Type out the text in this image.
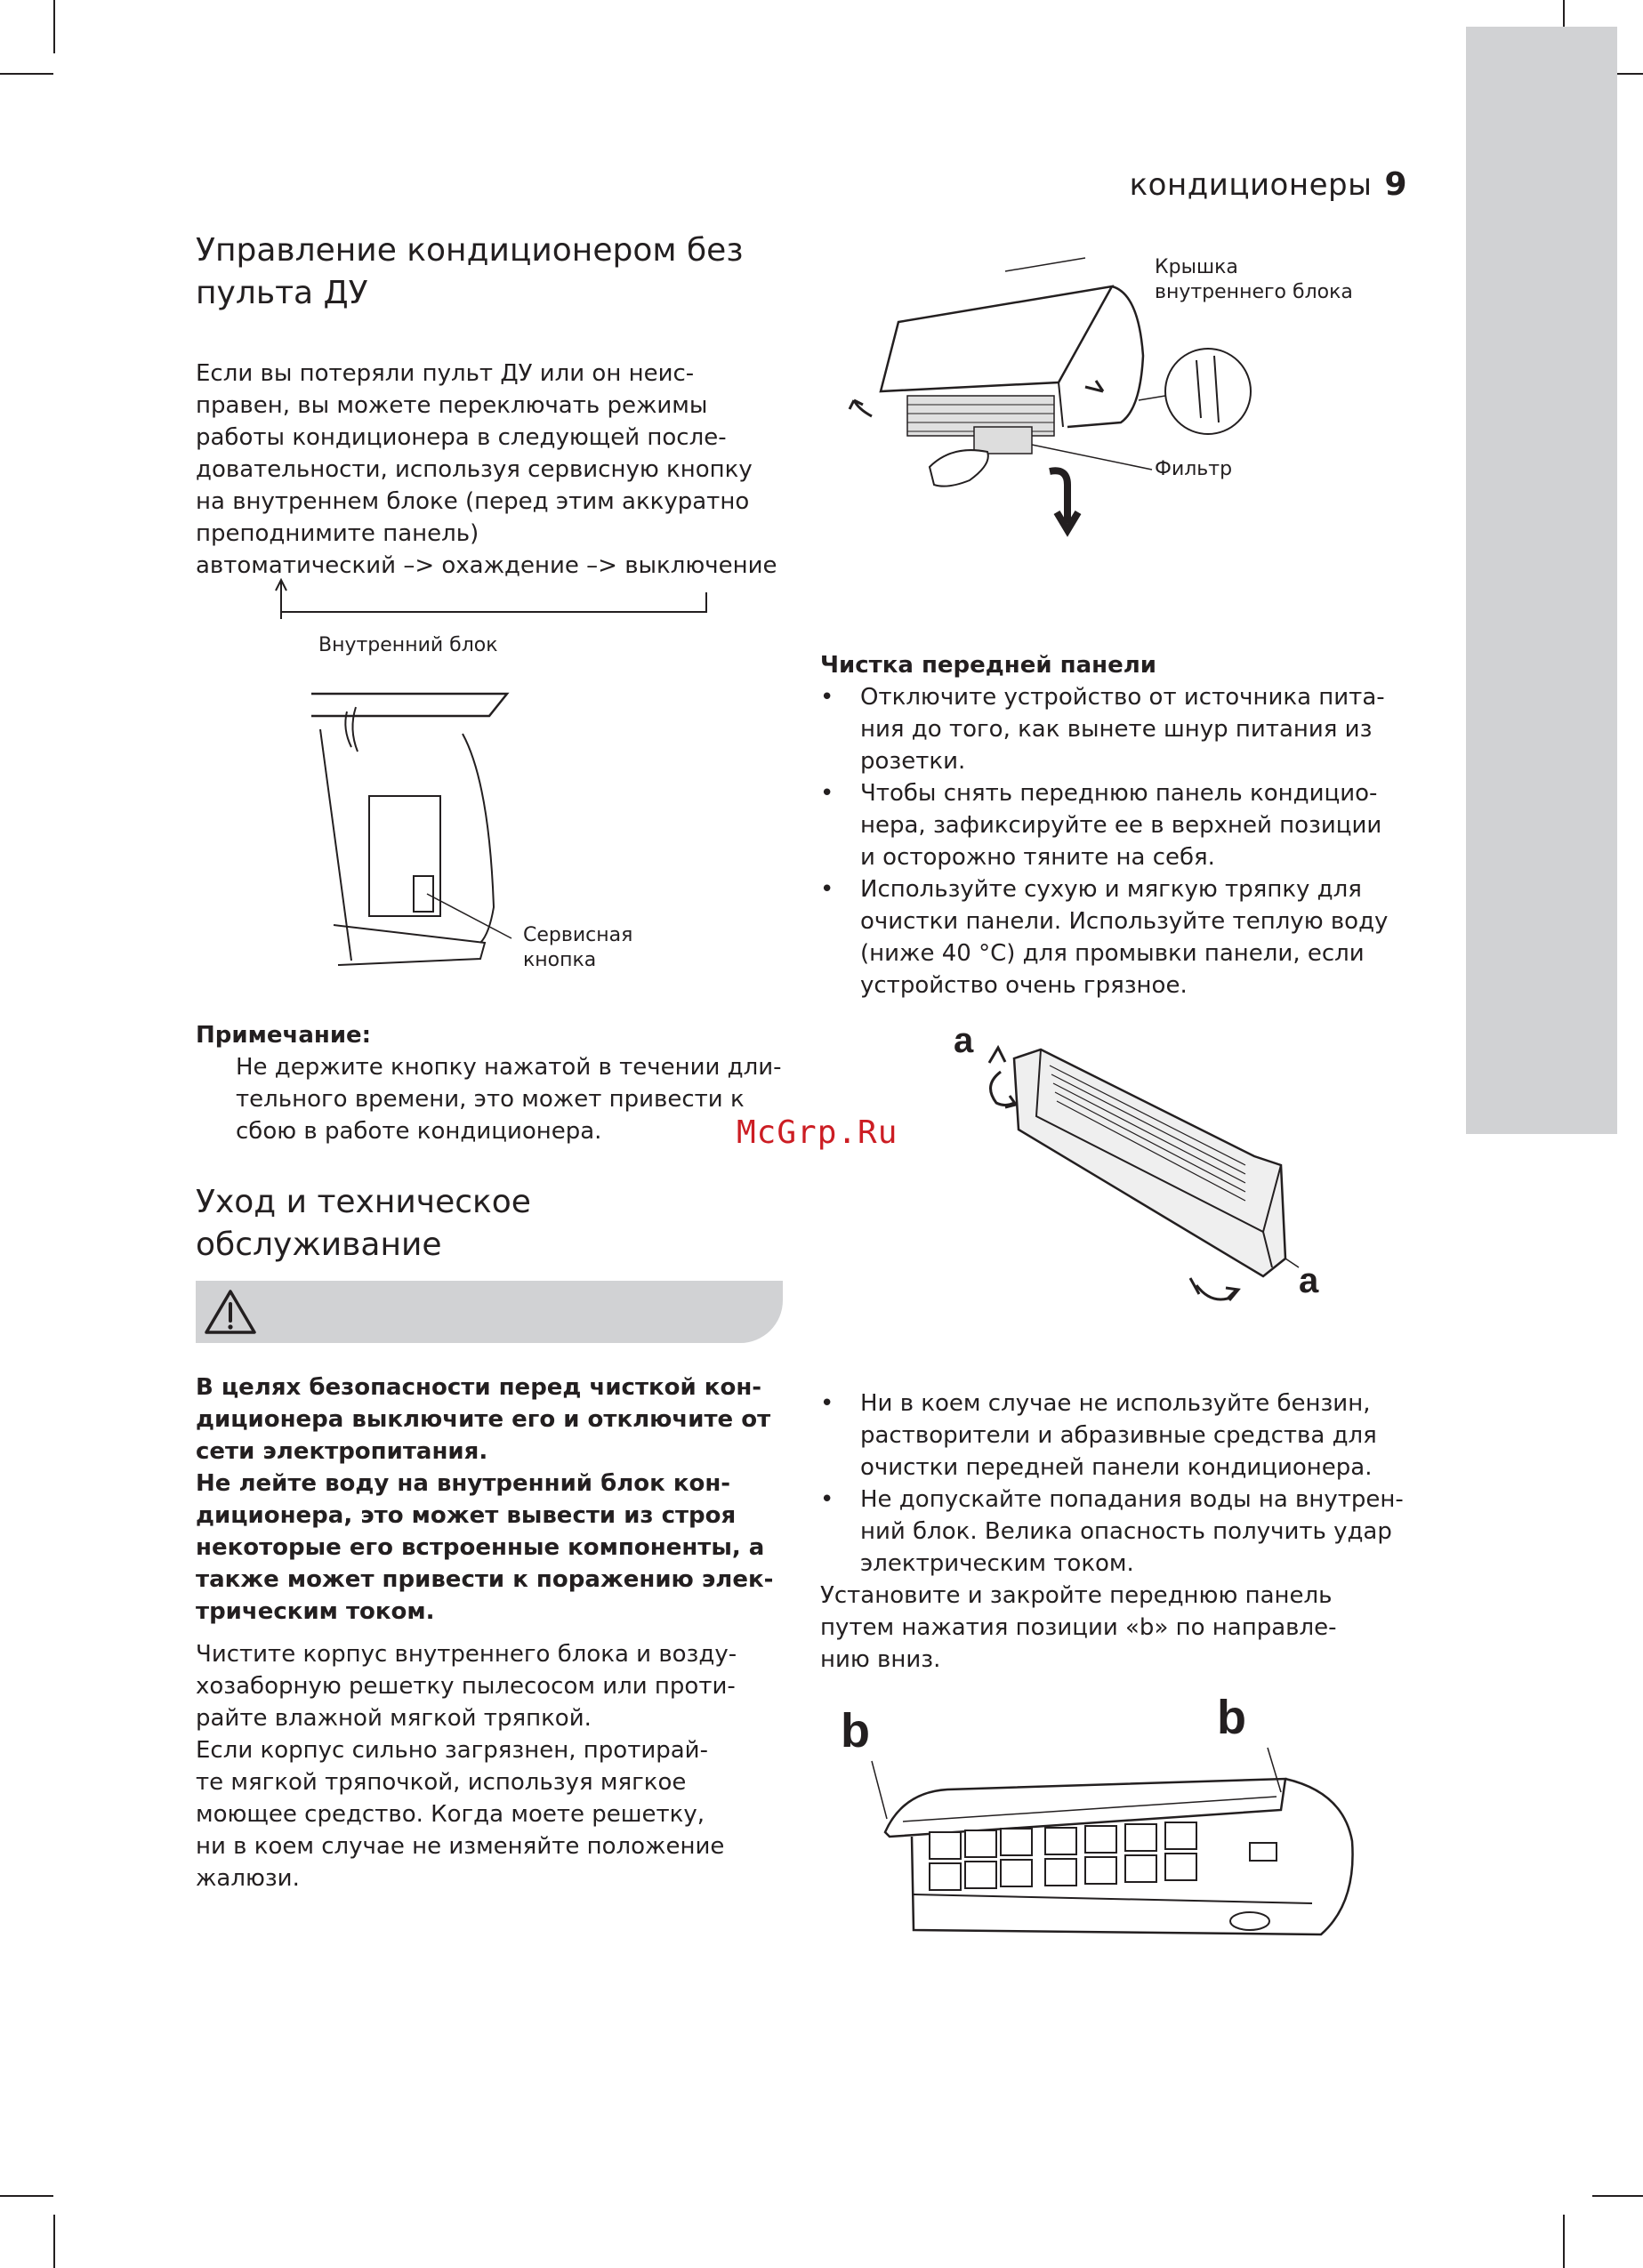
кондиционеры 9
Управление кондиционером без
пульта ДУ
Если вы потеряли пульт ДУ или он неис-
правен, вы можете переключать режимы
работы кондиционера в следующей после-
довательности, используя сервисную кнопку
на внутреннем блоке (перед этим аккуратно
преподнимите панель)
автоматический –> охаждение –> выключение
Внутренний блок
Сервисная
кнопка
Примечание:
Не держите кнопку нажатой в течении дли-
тельного времени, это может привести к
сбою в работе кондиционера.	McGrp.Ru
Уход и техническое
обслуживание
В целях безопасности перед чисткой кон-
диционера выключите его и отключите от
сети электропитания.
Не лейте воду на внутренний блок кон-
диционера, это может вывести из строя
некоторые его встроенные компоненты, а
также может привести к поражению элек-
трическим током.
Чистите корпус внутреннего блока и возду-
хозаборную решетку пылесосом или проти-
райте влажной мягкой тряпкой.
Если корпус сильно загрязнен, протирай-
те мягкой тряпочкой, используя мягкое
моющее средство. Когда моете решетку,
ни в коем случае не изменяйте положение
жалюзи.
Крышка
внутреннего блока
Фильтр
Чистка передней панели
• Отключите устройство от источника пита-
ния до того, как вынете шнур питания из
розетки.
• Чтобы снять переднюю панель кондицио-
нера, зафиксируйте ее в верхней позиции
и осторожно тяните на себя.
• Используйте сухую и мягкую тряпку для
очистки панели. Используйте теплую воду
(ниже 40 °С) для промывки панели, если
устройство очень грязное.
a
a
• Ни в коем случае не используйте бензин,
растворители и абразивные средства для
очистки передней панели кондиционера.
• Не допускайте попадания воды на внутрен-
ний блок. Велика опасность получить удар
электрическим током.
Установите и закройте переднюю панель
путем нажатия позиции «b» по направле-
нию вниз.
b	b
